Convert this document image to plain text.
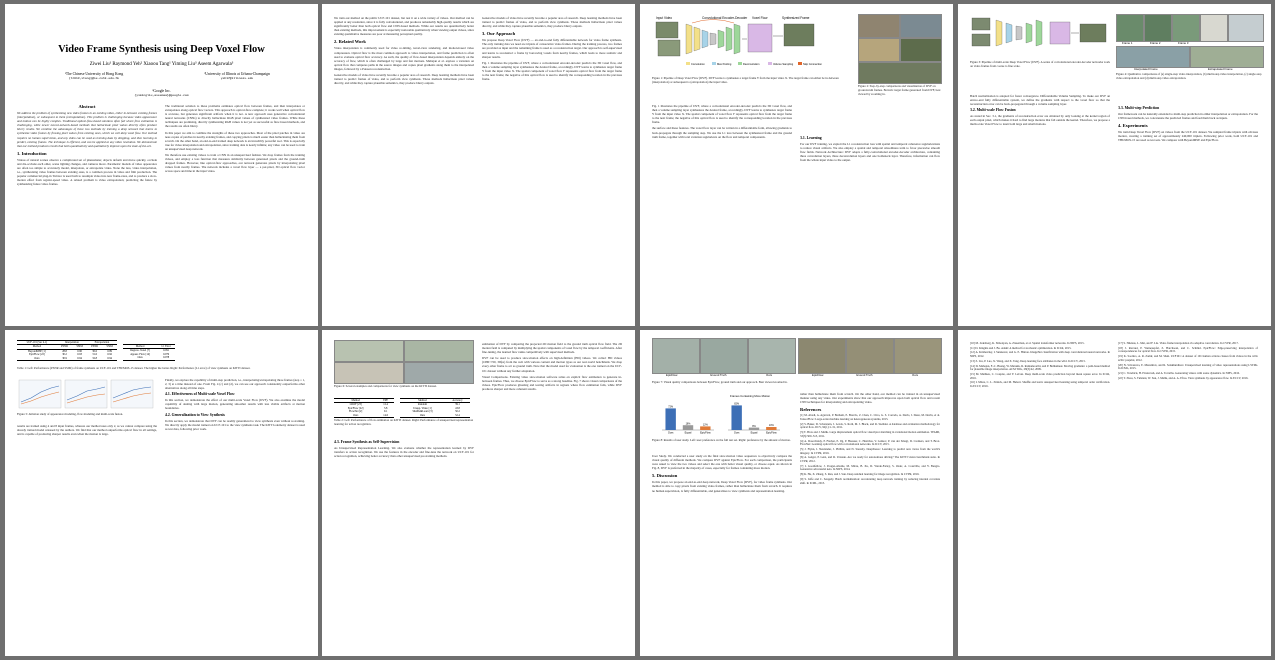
Video Frame Synthesis using Deep Voxel Flow
Ziwei Liu¹ Raymond Yeh² Xiaoou Tang¹ Yiming Liu³ Aseem Agarwala³
¹The Chinese University of Hong Kong
{lz013,xtang}@ie.cuhk.edu.hk
²University of Illinois at Urbana-Champaign
yeh17@illinois.edu
³Google Inc.
{yimingliu,aseemaa}@google.com
Abstract

We address the problem of synthesizing new video frames in an existing video, either in-between existing frames (interpolation), or subsequent to them (extrapolation). This problem is challenging because video appearance and motion can be highly complex. Traditional optical-flow-based solutions often fail where flow estimation is challenging, while newer neural-network-based methods that hallucinate pixel values directly often produce blurry results. We combine the advantages of these two methods by training a deep network that learns to synthesize video frames by flowing pixel values from existing ones, which we call deep voxel flow. Our method requires no human supervision, and any video can be used as training data by dropping, and then learning to predict, existing frames. The technique is efficient, and can be applied at any video resolution. We demonstrate that our method produces results that both quantitatively and qualitatively improve upon the state-of-the-art.

1. Introduction

Videos of natural scenes observe a complicated set of phenomena; objects deform and move quickly, occlude and dis-occlude each other, scene lighting changes, and cameras move. Parametric models of video appearance are often too simple to accurately model, interpolate, or extrapolate video. None the less, video interpolation, i.e., synthesizing video frames between existing ones, is a common process in video and film production. The popular commercial plug-in Twixtor is used both to resample video into new frame-rates, and to produce a slow-motion effect from regular-speed video. A related problem is video extrapolation; predicting the future by synthesizing future video frames.

The traditional solution to these problems estimates optical flow between frames, and then interpolates or extrapolates along optical flow vectors. This approach is optical-flow-complete; it works well when optical flow is accurate, but generates significant artifacts when it is not. A new approach uses generative convolutional neural networks (CNNs) to directly hallucinate RGB pixel values of synthesized video frames. While these techniques are promising, directly synthesizing RGB values is not yet as successful as flow-based methods, and the results are often blurry.

In this paper we aim to combine the strengths of these two approaches. Most of the pixel patches in video are near-copies of patches in nearby existing frames, and copying pixels is much easier than hallucinating them from scratch. On the other hand, an end-to-end trained deep network is an incredibly powerful tool. This is especially true for video interpolation and extrapolation, since training data is nearly infinite; any video can be used to train an unsupervised deep network.

We therefore use existing videos to train a CNN in an unsupervised fashion. We drop frames from the training videos, and employ a loss function that measures similarity between generated pixels and the ground-truth dropped frames. However, like optical-flow approaches, our network generates pixels by interpolating pixel values from nearby frames. The network includes a voxel flow layer — a per-pixel, 3D optical flow vector across space and time in the input video.

We train our method on the public UCF-101 dataset, but test it on a wide variety of videos. Our method can be applied at any resolution, since it is fully convolutional, and produces remarkably high-quality results which are significantly better than both optical flow and CNN-based methods. While our results are quantitatively better than existing methods, this improvement is especially noticeable qualitatively when viewing output videos, since existing quantitative measures are poor at measuring perceptual quality.

2. Related Work

Video interpolation is commonly used for video re-timing, novel-view rendering, and motion-based video compression. Optical flow is the most common approach to video interpolation, and frame prediction is often used to evaluate optical flow accuracy. As such, the quality of flow-based interpolation depends entirely on the accuracy of flow, which is often challenged by large and fast motions. Mahajan et al. explore a variation on optical flow that computes paths in the source images and copies pixel gradients along them to the interpolated images, followed by a Poisson reconstruction.

Generative models of video have recently become a popular area of research. Deep learning methods have been trained to predict frames of video, and to perform view synthesis. These methods hallucinate pixel values directly, and while they capture plausible semantics, they produce blurry outputs.

Generative models of video have recently become a popular area of research. Deep learning methods have been trained to predict frames of video, and to perform view synthesis. These methods hallucinate pixel values directly, and while they capture plausible semantics, they produce blurry outputs.

3. Our Approach

We propose Deep Voxel Flow (DVF) — an end-to-end fully differentiable network for video frame synthesis. The only training data we need are triplets of consecutive video frames. During the training process, two frames are provided as input and the remaining frame is used as a reconstruction target. Our approach is self-supervised and learns to reconstruct a frame by borrowing voxels from nearby frames, which leads to more realistic and sharper results.

Fig. 1 illustrates the pipeline of DVF, where a convolutional encoder-decoder predicts the 3D voxel flow, and then a volume sampling layer synthesizes the desired frame, accordingly. DVF learns to synthesize target frame Y from the input video X. The spatial component of voxel flow F represents optical flow from the target frame to the next frame; the negative of this optical flow is used to identify the corresponding location in the previous frame.

Input Video	Convolutional Encoder-Decoder Voxel Flow	Synthesized Frame
Convolution	Max Pooling	Deconvolution	Volume Sampling	Skip Connection
Figure 1: Pipeline of Deep Voxel Flow (DVF). DVF learns to synthesize a target frame Y from the input video X. The target frame can either be in-between (interpolation) or subsequent to (extrapolation) the input video.
Figure 2: Step-by-step comparisons and visualization of DVF on ground-truth frames. Bottom: target frame generated from DVF, best viewed by zooming in.

Fig. 1 illustrates the pipeline of DVF, where a convolutional encoder-decoder predicts the 3D voxel flow, and then a volume sampling layer synthesizes the desired frame, accordingly. DVF learns to synthesize target frame Y from the input video X. The spatial component of voxel flow F represents optical flow from the target frame to the next frame; the negative of this optical flow is used to identify the corresponding location in the previous frame.

the surface and these features. The voxel flow layer can be written in a differentiable form, allowing gradients to back-propagate through the sampling step. We use the L1 loss between the synthesized frame and the ground truth frame, together with total variation regularizers on the flow and temporal components.	3.1. Learning

For our DVF training, we exploit the L1 reconstruction loss with spatial and temporal coherence regularizations to reduce visual artifacts. We also employ a spatial and temporal smoothness term to favor piecewise smooth flow fields. Network Architecture: DVF adopts a fully-convolutional encoder-decoder architecture, containing three convolution layers, three deconvolution layers and one bottleneck layer. Therefore, information can flow from the whole input video to the output.

Figure 3: Pipeline of multi-scale Deep Voxel Flow (DVF). A series of convolutional encoder-decoder networks work on video frames from coarse to fine scale.
Frame 1	Frame 2	Frame 3
Interpolated Frame	Extrapolated Frame
Figure 4: Qualitative comparisons of (a) single-step video interpolation, (b) multi-step video interpolation, (c) single-step video extrapolation and (d) multi-step video extrapolation.

Batch normalization is adopted for faster convergence. Differentiable Volume Sampling. To make our DVF an end-to-end fully differentiable system, we define the gradients with respect to the voxel flow so that the reconstruction error can be back-propagated through a volume sampling layer.

3.2. Multi-scale Flow Fusion

As stated in Sec. 3.1, the gradients of reconstruction error are obtained by only looking at the kernel region of each output pixel, which makes it hard to find large motions that fall outside the kernel. Therefore, we propose a multi-scale Voxel Flow to learn both large and small motions.

3.3. Multi-step Prediction

Our framework can be naturally extended to multi-step prediction in either interpolation or extrapolation. For the CNN-based methods, we concatenate the predicted frames and feed them back as inputs.

4. Experiments

We train Deep Voxel Flow (DVF) on videos from the UCF-101 dataset. We sampled frame triplets with obvious motion, creating a training set of approximately 240,000 triplets. Following prior work, both UCF-101 and THUMOS-15 are used as test sets. We compare with BeyondMSE and EpicFlow.

UCF-101 (Sec 4.1)	Interpolation		Extrapolation	
Method	PSNR	SSIM	PSNR	SSIM
BeyondMSE [1]	28.8	0.90	30.6	0.89
EpicFlow [22]	30.2	0.93	31.6	0.92
Ours	30.9	0.94	32.8	0.94
Method	L1 Error
Regress. Voxel [7]	0.091
Appear. Flow [14]	0.079
Ours	0.078
Table 1: Left: Performance (PSNR and SSIM) of frame synthesis on UCF-101 and THUMOS-15 dataset. The higher the better. Right: Performance (L1 error) of view synthesis on KITTI dataset.
Figure 5: Ablation study of appearance modeling, flow modeling and multi-scale fusion.

results are trained using 4 and 8 input frames, whereas our method uses only 2, as we cannot compare using the already trained model released by the authors. We find that our method outperforms optical flow in all settings, and is capable of producing sharper results even when the motion is large.

Finally, we explore the capability of multi-step prediction, i.e., interpolating/extrapolating three frames (step = 1, 2, 3) at a time instead of one. From Fig. 4 (c) and (d), we can see our approach consistently outperforms other alternatives along all time steps.

4.1. Effectiveness of Multi-scale Voxel Flow

In this section, we demonstrate the effect of our multi-scale Voxel Flow (DVF). We also examine the model capability of dealing with large motion, generating smoother results with less visible artifacts at motion boundaries.

4.2. Generalization to View Synthesis

In this section, we demonstrate that DVF can be readily generalized to view synthesis even without re-training. We directly apply the model trained on UCF-101 to the view synthesis task. The KITTI odometry dataset is used as test data, following prior work.

Figure 6: Several examples and comparisons for view synthesis on the KITTI dataset.
Method	EPE
LDOF [23]	12.4
EpicFlow [22]	3.8
FlowNet [2]	9.1
Ours	14.6
Method	Accuracy
Random	39.1
Unsup. Video [1]	43.8
Shuffle&Learn [3]	50.2
Ours	52.4
Table 2: Left: Performance of flow estimation on KITTI dataset. Right: Performance of unsupervised representation learning for action recognition.
4.3. Frame Synthesis as Self-Supervision

As Unsupervised Representation Learning. We also evaluate whether the representation learned by DVF transfers to action recognition. We use the features in the encoder and fine-tune the network on UCF-101 for action recognition, achieving better accuracy than other unsupervised pre-training methods.

estimation of DVF by comparing the projected 2D motion field to the ground truth optical flow field. The 2D motion field is computed by multiplying the spatial components of voxel flow by the temporal coefficients. After fine-tuning, the learned flow ranks competitively with supervised methods.

DVF can be used to produce slow-motion effects on high-definition (HD) videos. We collect HD videos (1080×720, 30fps) from the web with various content and motion types as our real-world benchmark. We drop every other frame to act as ground truth. Note that the model used for evaluation is the one trained on the UCF-101 dataset without any further adaptation.

Visual Comparisons. Existing video slow-motion software relies on explicit flow estimation to generate in-between frames. Thus, we choose EpicFlow to serve as a strong baseline. Fig. 7 shows visual comparisons of the videos. EpicFlow produces ghosting and tearing artifacts in regions where flow estimation fails, while DVF produces sharper and more coherent results.

EpicFlow	Ground Truth	Ours	EpicFlow	Ground Truth	Ours
Figure 7: Visual quality comparisons between EpicFlow, ground truth and our approach. Best viewed zoomed in.
Frames Containing More Motion
72%
Ours
16%
Equal
12%
EpicFlow
82%
Ours
8%
Equal
10%
EpicFlow
Figure 8: Results of user study. Left: user preference on the full test set. Right: preference by the amount of motion.

User Study. We conducted a user study on the final slow-motion video sequences to objectively compare the visual quality of different methods. We compare DVF against EpicFlow. For each comparison, the participants were asked to view the two videos and select the one with better visual quality, or choose equal. As shown in Fig. 8, DVF is preferred in the majority of cases, especially for frames containing more motion.

5. Discussion

In this paper, we propose an end-to-end deep network, Deep Voxel Flow (DVF), for video frame synthesis. Our method is able to copy pixels from existing video frames, rather than hallucinate them from scratch. It requires no human supervision, is fully differentiable, and generalizes to view synthesis and representation learning.

rather than hallucinate them from scratch. On the other hand, our method can be trained in an unsupervised manner using any video. Our experiments show that our approach improves upon both optical flow and recent CNN techniques for interpolating and extrapolating video.

References

[1] M. Abadi, A. Agarwal, P. Barham, E. Brevdo, Z. Chen, C. Citro, G. S. Corrado, A. Davis, J. Dean, M. Devin, et al. TensorFlow: Large-scale machine learning on heterogeneous systems, 2015.

[2] S. Baker, D. Scharstein, J. Lewis, S. Roth, M. J. Black, and R. Szeliski. A database and evaluation methodology for optical flow. IJCV, 92(1):1–31, 2011.

[3] T. Brox and J. Malik. Large displacement optical flow: descriptor matching in variational motion estimation. TPAMI, 33(3):500–513, 2011.

[4] A. Dosovitskiy, P. Fischer, E. Ilg, P. Hausser, C. Hazirbas, V. Golkov, P. van der Smagt, D. Cremers, and T. Brox. FlowNet: Learning optical flow with convolutional networks. In ICCV, 2015.

[5] J. Flynn, I. Neulander, J. Philbin, and N. Snavely. DeepStereo: Learning to predict new views from the world's imagery. In CVPR, 2016.

[6] A. Geiger, P. Lenz, and R. Urtasun. Are we ready for autonomous driving? The KITTI vision benchmark suite. In CVPR, 2012.

[7] I. Goodfellow, J. Pouget-Abadie, M. Mirza, B. Xu, D. Warde-Farley, S. Ozair, A. Courville, and Y. Bengio. Generative adversarial nets. In NIPS, 2014.

[8] K. He, X. Zhang, S. Ren, and J. Sun. Deep residual learning for image recognition. In CVPR, 2016.

[9] S. Ioffe and C. Szegedy. Batch normalization: Accelerating deep network training by reducing internal covariate shift. In ICML, 2015.

[10] M. Jaderberg, K. Simonyan, A. Zisserman, et al. Spatial transformer networks. In NIPS, 2015.

[11] D. Kingma and J. Ba. Adam: A method for stochastic optimization. In ICLR, 2015.

[12] A. Krizhevsky, I. Sutskever, and G. E. Hinton. ImageNet classification with deep convolutional neural networks. In NIPS, 2012.

[13] Z. Liu, P. Luo, X. Wang, and X. Tang. Deep learning face attributes in the wild. In ICCV, 2015.

[14] D. Mahajan, F.-C. Huang, W. Matusik, R. Ramamoorthi, and P. Belhumeur. Moving gradients: a path-based method for plausible image interpolation. ACM TOG, 28(3):42, 2009.

[15] M. Mathieu, C. Couprie, and Y. LeCun. Deep multi-scale video prediction beyond mean square error. In ICLR, 2016.

[16] I. Misra, C. L. Zitnick, and M. Hebert. Shuffle and learn: unsupervised learning using temporal order verification. In ECCV, 2016.

[17] S. Niklaus, L. Mai, and F. Liu. Video frame interpolation via adaptive convolution. In CVPR, 2017.

[18] J. Revaud, P. Weinzaepfel, Z. Harchaoui, and C. Schmid. EpicFlow: Edge-preserving interpolation of correspondences for optical flow. In CVPR, 2015.

[19] K. Soomro, A. R. Zamir, and M. Shah. UCF101: A dataset of 101 human actions classes from videos in the wild. arXiv preprint, 2012.

[20] N. Srivastava, E. Mansimov, and R. Salakhutdinov. Unsupervised learning of video representations using LSTMs. In ICML, 2015.

[21] C. Vondrick, H. Pirsiavash, and A. Torralba. Generating videos with scene dynamics. In NIPS, 2016.

[22] T. Zhou, S. Tulsiani, W. Sun, J. Malik, and A. A. Efros. View synthesis by appearance flow. In ECCV, 2016.
